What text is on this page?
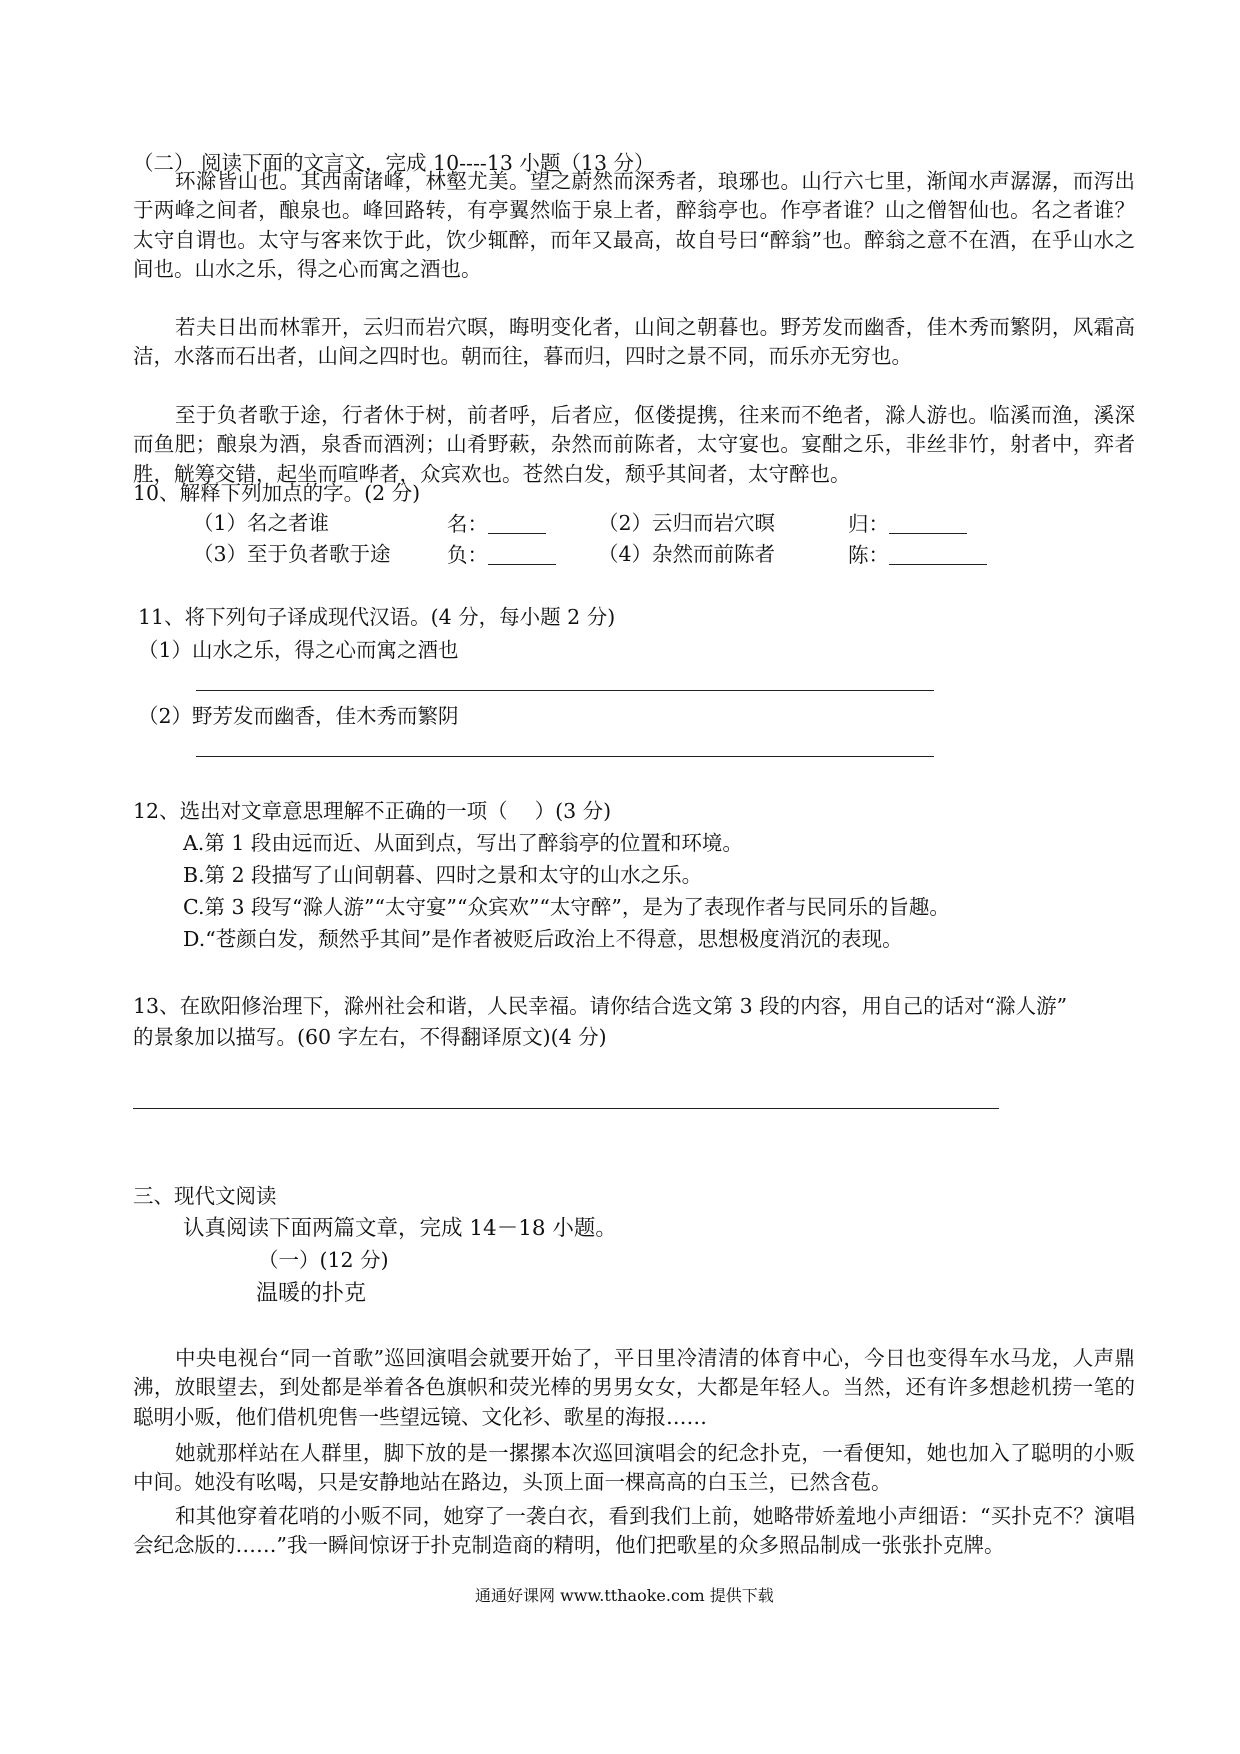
（二） 阅读下面的文言文，完成 10----13 小题（13 分）
环滁皆山也。其西南诸峰，林壑尤美。望之蔚然而深秀者，琅琊也。山行六七里，渐闻水声潺潺，而泻出于两峰之间者，酿泉也。峰回路转，有亭翼然临于泉上者，醉翁亭也。作亭者谁？山之僧智仙也。名之者谁？太守自谓也。太守与客来饮于此，饮少辄醉，而年又最高，故自号曰“醉翁”也。醉翁之意不在酒，在乎山水之间也。山水之乐，得之心而寓之酒也。
若夫日出而林霏开，云归而岩穴暝，晦明变化者，山间之朝暮也。野芳发而幽香，佳木秀而繁阴，风霜高洁，水落而石出者，山间之四时也。朝而往，暮而归，四时之景不同，而乐亦无穷也。
至于负者歌于途，行者休于树，前者呼，后者应，伛偻提携，往来而不绝者，滁人游也。临溪而渔，溪深而鱼肥；酿泉为酒，泉香而酒洌；山肴野蔌，杂然而前陈者，太守宴也。宴酣之乐，非丝非竹，射者中，弈者胜，觥筹交错，起坐而喧哗者，众宾欢也。苍然白发，颓乎其间者，太守醉也。
10、解释下列加点的字。(2 分)
（1）名之者谁	名：	（2）云归而岩穴暝	归：
（3）至于负者歌于途	负：	（4）杂然而前陈者	陈：
11、将下列句子译成现代汉语。(4 分，每小题 2 分)
（1）山水之乐，得之心而寓之酒也
（2）野芳发而幽香，佳木秀而繁阴
12、选出对文章意思理解不正确的一项（　 ）(3 分)
A.第 1 段由远而近、从面到点，写出了醉翁亭的位置和环境。
B.第 2 段描写了山间朝暮、四时之景和太守的山水之乐。
C.第 3 段写“滁人游”“太守宴”“众宾欢”“太守醉”，是为了表现作者与民同乐的旨趣。
D.“苍颜白发，颓然乎其间”是作者被贬后政治上不得意，思想极度消沉的表现。
13、在欧阳修治理下，滁州社会和谐，人民幸福。请你结合选文第 3 段的内容，用自己的话对“滁人游”
的景象加以描写。(60 字左右，不得翻译原文)(4 分)
三、现代文阅读
认真阅读下面两篇文章，完成 14－18 小题。
（一）(12 分)
温暖的扑克
中央电视台“同一首歌”巡回演唱会就要开始了，平日里冷清清的体育中心，今日也变得车水马龙，人声鼎沸，放眼望去，到处都是举着各色旗帜和荧光棒的男男女女，大都是年轻人。当然，还有许多想趁机捞一笔的聪明小贩，他们借机兜售一些望远镜、文化衫、歌星的海报……
她就那样站在人群里，脚下放的是一摞摞本次巡回演唱会的纪念扑克，一看便知，她也加入了聪明的小贩中间。她没有吆喝，只是安静地站在路边，头顶上面一棵高高的白玉兰，已然含苞。
和其他穿着花哨的小贩不同，她穿了一袭白衣，看到我们上前，她略带娇羞地小声细语：“买扑克不？演唱会纪念版的……”我一瞬间惊讶于扑克制造商的精明，他们把歌星的众多照品制成一张张扑克牌。
通通好课网 www.tthaoke.com 提供下载
